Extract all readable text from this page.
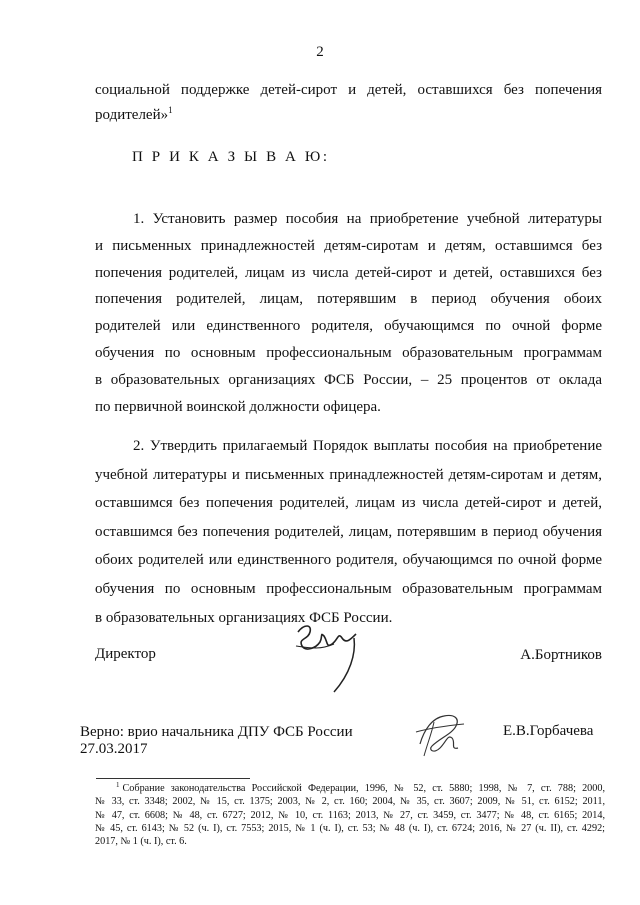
2
социальной поддержке детей-сирот и детей, оставшихся без попечения
родителей»$^1$
П Р И К А З Ы В А Ю:
1. Установить размер пособия на приобретение учебной литературы
и письменных принадлежностей детям-сиротам и детям, оставшимся без
попечения родителей, лицам из числа детей-сирот и детей, оставшихся без
попечения родителей, лицам, потерявшим в период обучения обоих
родителей или единственного родителя, обучающимся по очной форме
обучения по основным профессиональным образовательным программам
в образовательных организациях ФСБ России, – 25 процентов от оклада
по первичной воинской должности офицера.
2. Утвердить прилагаемый Порядок выплаты пособия на приобретение
учебной литературы и письменных принадлежностей детям-сиротам и детям,
оставшимся без попечения родителей, лицам из числа детей-сирот и детей,
оставшимся без попечения родителей, лицам, потерявшим в период обучения
обоих родителей или единственного родителя, обучающимся по очной форме
обучения по основным профессиональным образовательным программам
в образовательных организациях ФСБ России.
Директор	А.Бортников
Верно: врио начальника ДПУ ФСБ России
27.03.2017
Е.В.Горбачева
$^1$ Собрание законодательства Российской Федерации, 1996, № 52, ст. 5880; 1998, № 7, ст. 788; 2000,
№ 33, ст. 3348; 2002, № 15, ст. 1375; 2003, № 2, ст. 160; 2004, № 35, ст. 3607; 2009, № 51, ст. 6152; 2011,
№ 47, ст. 6608; № 48, ст. 6727; 2012, № 10, ст. 1163; 2013, № 27, ст. 3459, ст. 3477; № 48, ст. 6165; 2014,
№ 45, ст. 6143; № 52 (ч. I), ст. 7553; 2015, № 1 (ч. I), ст. 53; № 48 (ч. I), ст. 6724; 2016, № 27 (ч. II), ст. 4292;
2017, № 1 (ч. I), ст. 6.
